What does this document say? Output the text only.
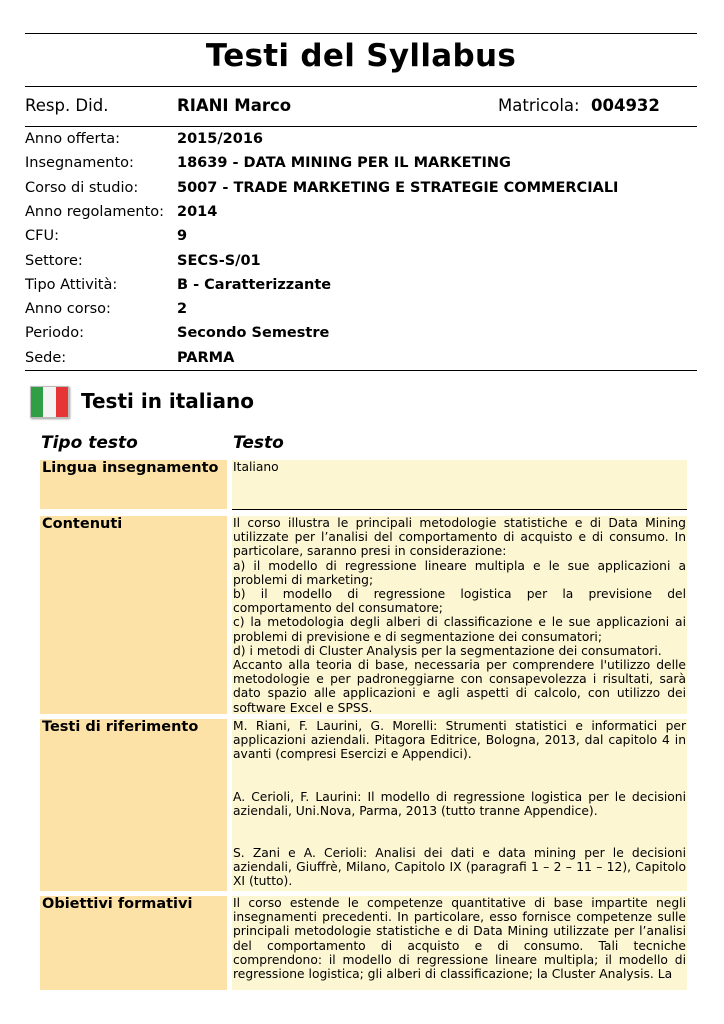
Testi del Syllabus
Resp. Did.	RIANI Marco	Matricola: 004932
Anno offerta:	2015/2016
Insegnamento:	18639 - DATA MINING PER IL MARKETING
Corso di studio:	5007 - TRADE MARKETING E STRATEGIE COMMERCIALI
Anno regolamento: 2014
CFU:	9
Settore:	SECS-S/01
Tipo Attività:	B - Caratterizzante
Anno corso:	2
Periodo:	Secondo Semestre
Sede:	PARMA
Testi in italiano
Tipo testo	Testo
Lingua insegnamento	Italiano

Contenuti	Il corso illustra le principali metodologie statistiche e di Data Mining utilizzate per l’analisi del comportamento di acquisto e di consumo. In particolare, saranno presi in considerazione:

a) il modello di regressione lineare multipla e le sue applicazioni a problemi di marketing;

b) il modello di regressione logistica per la previsione del comportamento del consumatore;

c) la metodologia degli alberi di classificazione e le sue applicazioni ai problemi di previsione e di segmentazione dei consumatori;

d) i metodi di Cluster Analysis per la segmentazione dei consumatori.

Accanto alla teoria di base, necessaria per comprendere l'utilizzo delle metodologie e per padroneggiarne con consapevolezza i risultati, sarà dato spazio alle applicazioni e agli aspetti di calcolo, con utilizzo dei software Excel e SPSS.

Testi di riferimento	M. Riani, F. Laurini, G. Morelli: Strumenti statistici e informatici per applicazioni aziendali. Pitagora Editrice, Bologna, 2013, dal capitolo 4 in avanti (compresi Esercizi e Appendici).

A. Cerioli, F. Laurini: Il modello di regressione logistica per le decisioni aziendali, Uni.Nova, Parma, 2013 (tutto tranne Appendice).

S. Zani e A. Cerioli: Analisi dei dati e data mining per le decisioni aziendali, Giuffrè, Milano, Capitolo IX (paragrafi 1 – 2 – 11 – 12), Capitolo XI (tutto).

Obiettivi formativi	Il corso estende le competenze quantitative di base impartite negli insegnamenti precedenti. In particolare, esso fornisce competenze sulle principali metodologie statistiche e di Data Mining utilizzate per l’analisi del comportamento di acquisto e di consumo. Tali tecniche comprendono: il modello di regressione lineare multipla; il modello di regressione logistica; gli alberi di classificazione; la Cluster Analysis. La
